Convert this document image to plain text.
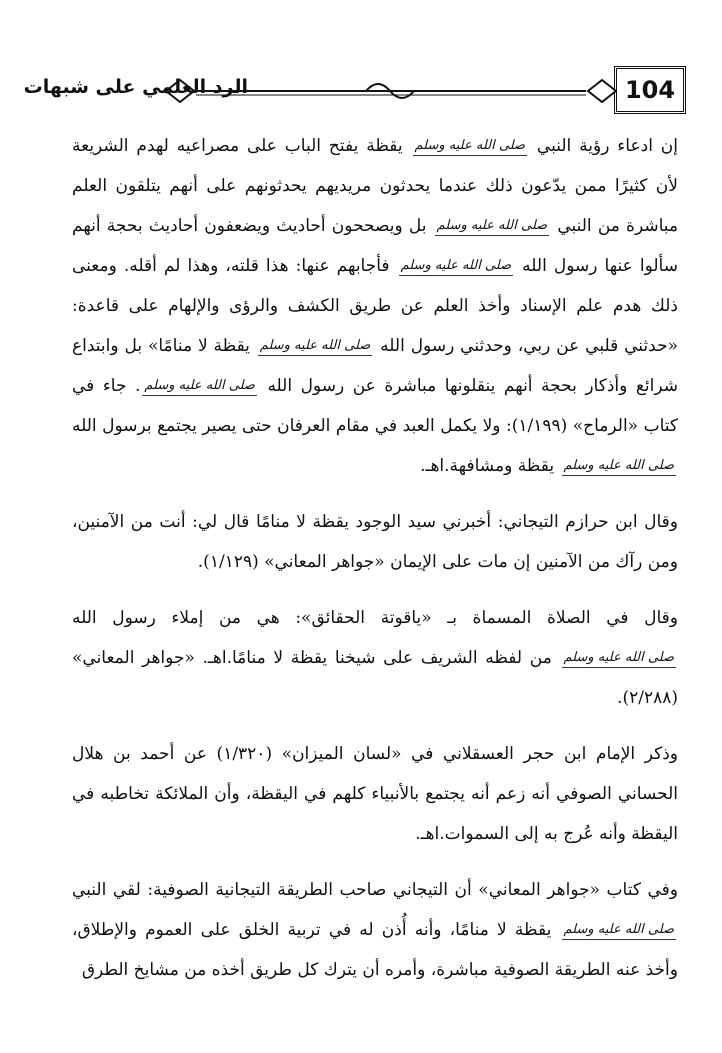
الرد العلمي على شبهات	104

إن ادعاء رؤية النبي صلى الله عليه وسلم يقظة يفتح الباب على مصراعيه لهدم الشريعة لأن كثيرًا ممن يدّعون ذلك عندما يحدثون مريديهم يحدثونهم على أنهم يتلقون العلم مباشرة من النبي صلى الله عليه وسلم بل ويصححون أحاديث ويضعفون أحاديث بحجة أنهم سألوا عنها رسول الله صلى الله عليه وسلم فأجابهم عنها: هذا قلته، وهذا لم أقله. ومعنى ذلك هدم علم الإسناد وأخذ العلم عن طريق الكشف والرؤى والإلهام على قاعدة: «حدثني قلبي عن ربي، وحدثني رسول الله صلى الله عليه وسلم يقظة لا منامًا» بل وابتداع شرائع وأذكار بحجة أنهم ينقلونها مباشرة عن رسول الله صلى الله عليه وسلم. جاء في كتاب «الرماح» (١/١٩٩): ولا يكمل العبد في مقام العرفان حتى يصير يجتمع برسول الله صلى الله عليه وسلم يقظة ومشافهة.اهـ.

وقال ابن حرازم التيجاني: أخبرني سيد الوجود يقظة لا منامًا قال لي: أنت من الآمنين، ومن رآك من الآمنين إن مات على الإيمان «جواهر المعاني» (١/١٢٩).

وقال في الصلاة المسماة بـ «ياقوتة الحقائق»: هي من إملاء رسول الله صلى الله عليه وسلم من لفظه الشريف على شيخنا يقظة لا منامًا.اهـ. «جواهر المعاني» (٢/٢٨٨).

وذكر الإمام ابن حجر العسقلاني في «لسان الميزان» (١/٣٢٠) عن أحمد بن هلال الحساني الصوفي أنه زعم أنه يجتمع بالأنبياء كلهم في اليقظة، وأن الملائكة تخاطبه في اليقظة وأنه عُرج به إلى السموات.اهـ.

وفي كتاب «جواهر المعاني» أن التيجاني صاحب الطريقة التيجانية الصوفية: لقي النبي صلى الله عليه وسلم يقظة لا منامًا، وأنه أُذن له في تربية الخلق على العموم والإطلاق، وأخذ عنه الطريقة الصوفية مباشرة، وأمره أن يترك كل طريق أخذه من مشايخ الطرق
